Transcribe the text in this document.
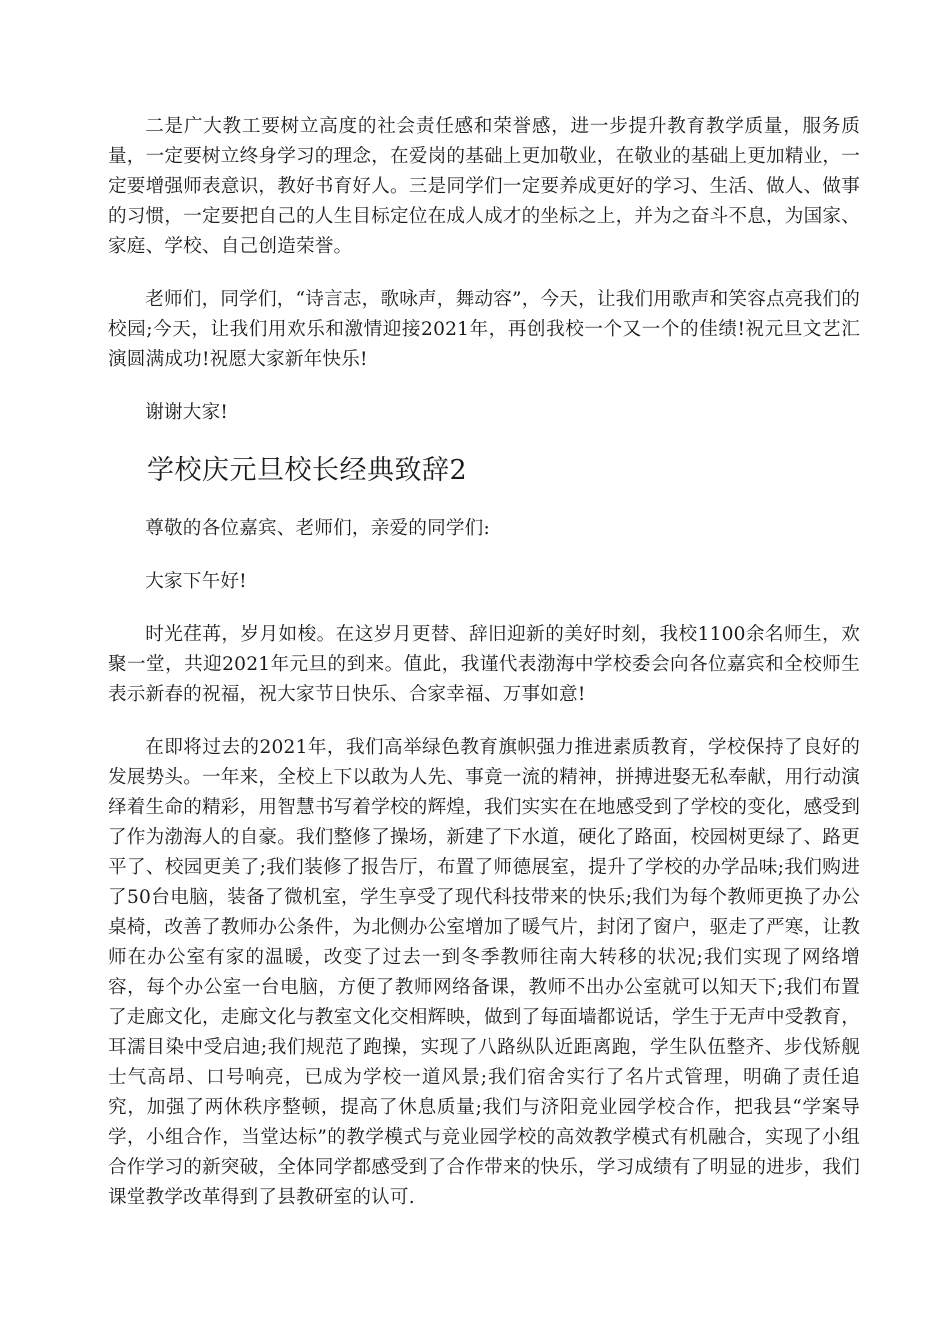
二是广大教工要树立高度的社会责任感和荣誉感，进一步提升教育教学质量，服务质量，一定要树立终身学习的理念，在爱岗的基础上更加敬业，在敬业的基础上更加精业，一定要增强师表意识，教好书育好人。三是同学们一定要养成更好的学习、生活、做人、做事的习惯，一定要把自己的人生目标定位在成人成才的坐标之上，并为之奋斗不息，为国家、家庭、学校、自己创造荣誉。

老师们，同学们，“诗言志，歌咏声，舞动容”，今天，让我们用歌声和笑容点亮我们的校园;今天，让我们用欢乐和激情迎接2021年，再创我校一个又一个的佳绩!祝元旦文艺汇演圆满成功!祝愿大家新年快乐!

谢谢大家!

学校庆元旦校长经典致辞2

尊敬的各位嘉宾、老师们，亲爱的同学们:

大家下午好!

时光荏苒，岁月如梭。在这岁月更替、辞旧迎新的美好时刻，我校1100余名师生，欢聚一堂，共迎2021年元旦的到来。值此，我谨代表渤海中学校委会向各位嘉宾和全校师生表示新春的祝福，祝大家节日快乐、合家幸福、万事如意!

在即将过去的2021年，我们高举绿色教育旗帜强力推进素质教育，学校保持了良好的发展势头。一年来，全校上下以敢为人先、事竟一流的精神，拼搏进娶无私奉献，用行动演绎着生命的精彩，用智慧书写着学校的辉煌，我们实实在在地感受到了学校的变化，感受到了作为渤海人的自豪。我们整修了操场，新建了下水道，硬化了路面，校园树更绿了、路更平了、校园更美了;我们装修了报告厅，布置了师德展室，提升了学校的办学品味;我们购进了50台电脑，装备了微机室，学生享受了现代科技带来的快乐;我们为每个教师更换了办公桌椅，改善了教师办公条件，为北侧办公室增加了暖气片，封闭了窗户，驱走了严寒，让教师在办公室有家的温暖，改变了过去一到冬季教师往南大转移的状况;我们实现了网络增容，每个办公室一台电脑，方便了教师网络备课，教师不出办公室就可以知天下;我们布置了走廊文化，走廊文化与教室文化交相辉映，做到了每面墙都说话，学生于无声中受教育，耳濡目染中受启迪;我们规范了跑操，实现了八路纵队近距离跑，学生队伍整齐、步伐矫舰士气高昂、口号响亮，已成为学校一道风景;我们宿舍实行了名片式管理，明确了责任追究，加强了两休秩序整顿，提高了休息质量;我们与济阳竞业园学校合作，把我县“学案导学，小组合作，当堂达标”的教学模式与竞业园学校的高效教学模式有机融合，实现了小组合作学习的新突破，全体同学都感受到了合作带来的快乐，学习成绩有了明显的进步，我们课堂教学改革得到了县教研室的认可.
